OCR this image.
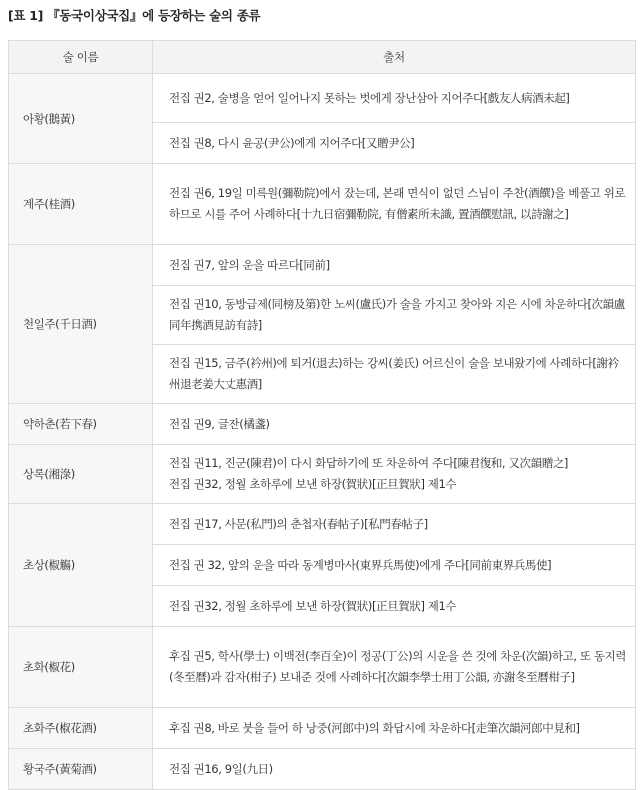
[표 1] 『동국이상국집』에 등장하는 술의 종류
술 이름	출처
아황(鵝黃)	전집 권2, 술병을 얻어 일어나지 못하는 벗에게 장난삼아 지어주다[戲友人病酒未起]
	전집 권8, 다시 윤공(尹公)에게 지어주다[又贈尹公]
계주(桂酒)	전집 권6, 19일 미륵원(彌勒院)에서 잤는데, 본래 면식이 없던 스님이 주찬(酒饌)을 베풀고 위로하므로 시를 주어 사례하다[十九日宿彌勒院, 有僧素所未識, 置酒饌慰訊, 以詩謝之]
천일주(千日酒)	전집 권7, 앞의 운을 따르다[同前]
	전집 권10, 동방급제(同榜及第)한 노씨(盧氏)가 술을 가지고 찾아와 지은 시에 차운하다[次韻盧同年携酒見訪有詩]
	전집 권15, 금주(衿州)에 퇴거(退去)하는 강씨(姜氏) 어르신이 술을 보내왔기에 사례하다[謝衿州退老姜大丈惠酒]
약하춘(若下春)	전집 권9, 글잔(橘盞)
상록(湘淥)	전집 권11, 진군(陳君)이 다시 화답하기에 또 차운하여 주다[陳君復和, 又次韻贈之]
전집 권32, 정월 초하루에 보낸 하장(賀狀)[正旦賀狀] 제1수
초상(椒觴)	전집 권17, 사문(私門)의 춘첩자(春帖子)[私門春帖子]
	전집 권 32, 앞의 운을 따라 동계병마사(東界兵馬使)에게 주다[同前東界兵馬使]
	전집 권32, 정월 초하루에 보낸 하장(賀狀)[正旦賀狀] 제1수
초화(椒花)	후집 권5, 학사(學士) 이백전(李百全)이 정공(丁公)의 시운을 쓴 것에 차운(次韻)하고, 또 동지력(冬至曆)과 감자(柑子) 보내준 것에 사례하다[次韻李學士用丁公韻, 亦謝冬至曆柑子]
초화주(椒花酒)	후집 권8, 바로 붓을 들어 하 낭중(河郎中)의 화답시에 차운하다[走筆次韻河郎中見和]
황국주(黃菊酒)	전집 권16, 9일(九日)
